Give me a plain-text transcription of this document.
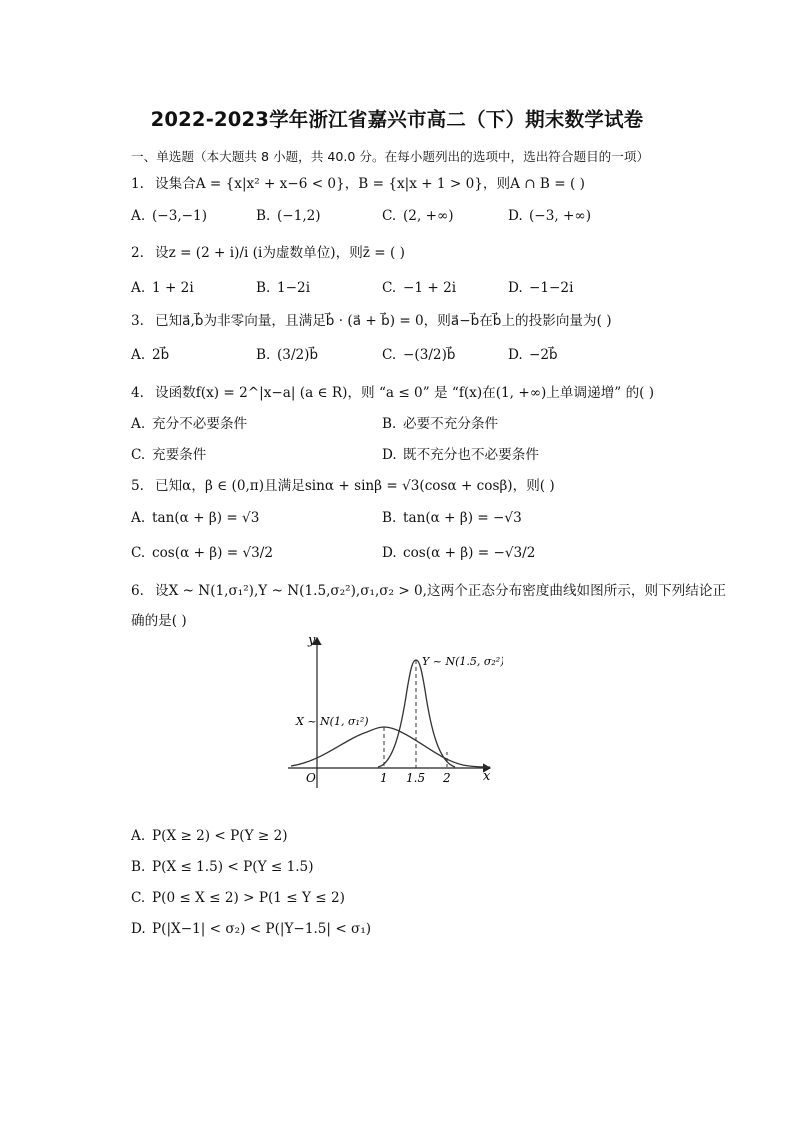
2022-2023学年浙江省嘉兴市高二（下）期末数学试卷
一、单选题（本大题共 8 小题，共 40.0 分。在每小题列出的选项中，选出符合题目的一项）
1. 设集合A = {x|x² + x−6 < 0}，B = {x|x + 1 > 0}，则A ∩ B = ( )
A. (−3,−1)	B. (−1,2)	C. (2, +∞)	D. (−3, +∞)
2. 设z = (2 + i)/i (i为虚数单位)，则z̄ = ( )
A. 1 + 2i	B. 1−2i	C. −1 + 2i	D. −1−2i
3. 已知a⃗,b⃗为非零向量，且满足b⃗ · (a⃗ + b⃗) = 0，则a⃗−b⃗在b⃗上的投影向量为( )
A. 2b⃗	B. (3/2)b⃗	C. −(3/2)b⃗	D. −2b⃗
4. 设函数f(x) = 2^|x−a| (a ∈ R)，则 “a ≤ 0” 是 “f(x)在(1, +∞)上单调递增” 的( )
A. 充分不必要条件	B. 必要不充分条件
C. 充要条件	D. 既不充分也不必要条件
5. 已知α，β ∈ (0,π)且满足sinα + sinβ = √3(cosα + cosβ)，则( )
A. tan(α + β) = √3	B. tan(α + β) = −√3
C. cos(α + β) = √3/2	D. cos(α + β) = −√3/2
6. 设X ~ N(1,σ₁²),Y ~ N(1.5,σ₂²),σ₁,σ₂ > 0,这两个正态分布密度曲线如图所示，则下列结论正
确的是( )
y
x
O	1 1.5 2
Y ~ N(1.5, σ₂²)
X ~ N(1, σ₁²)
A. P(X ≥ 2) < P(Y ≥ 2)
B. P(X ≤ 1.5) < P(Y ≤ 1.5)
C. P(0 ≤ X ≤ 2) > P(1 ≤ Y ≤ 2)
D. P(|X−1| < σ₂) < P(|Y−1.5| < σ₁)
